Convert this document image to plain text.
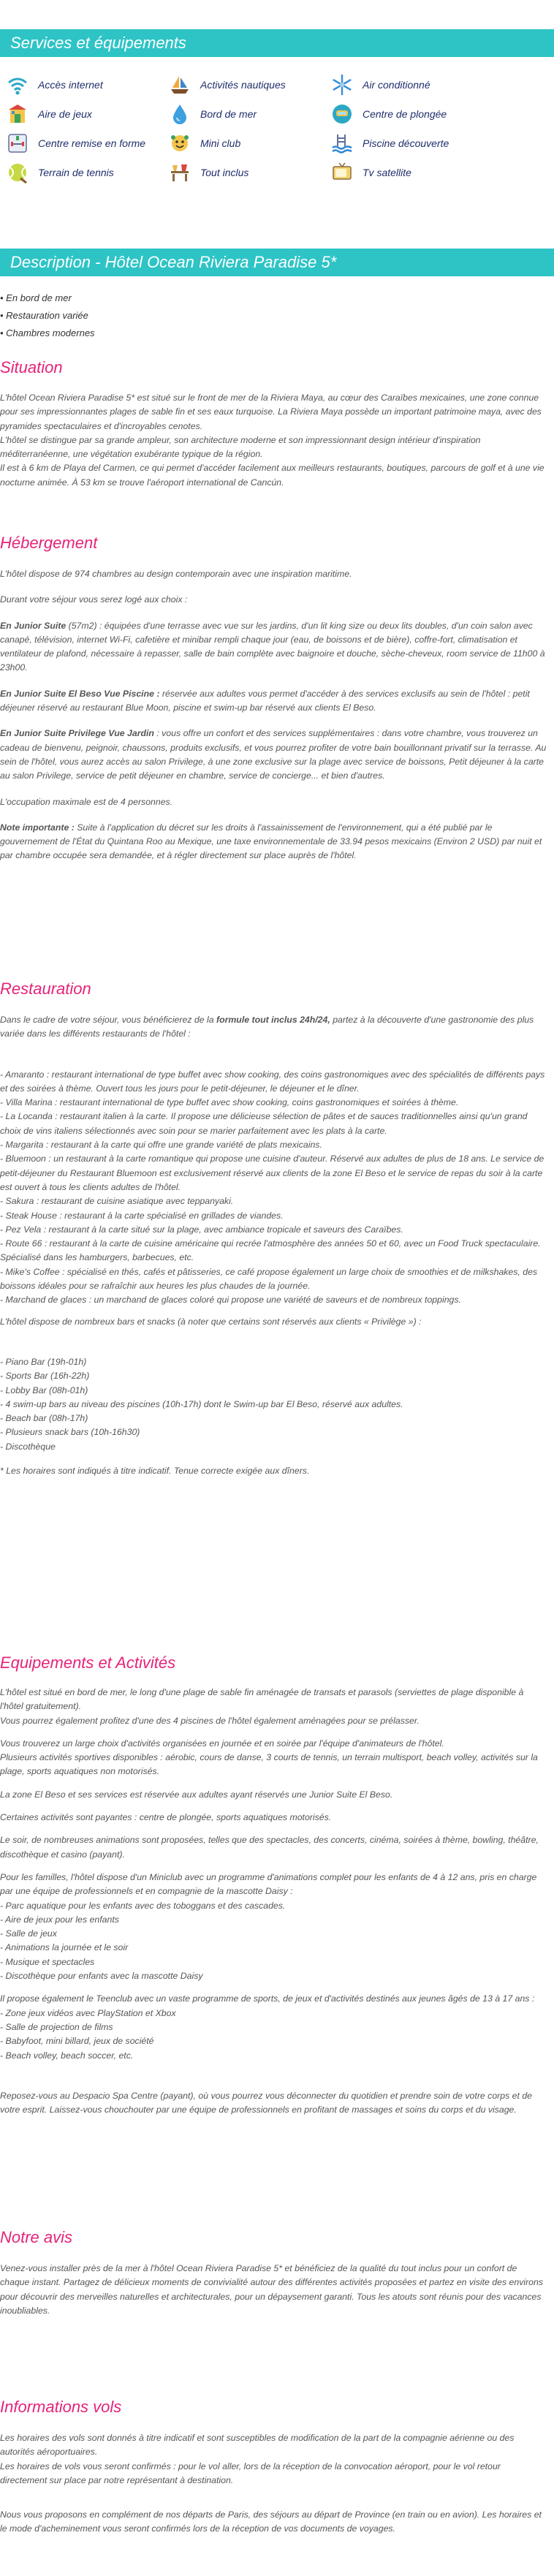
Services et équipements
Accès internet	Activités nautiques	Air conditionné
Aire de jeux	Bord de mer	Centre de plongée
Centre remise en forme	Mini club	Piscine découverte
Terrain de tennis	Tout inclus	Tv satellite
Description - Hôtel Ocean Riviera Paradise 5*
• En bord de mer
• Restauration variée
• Chambres modernes
Situation

L'hôtel Ocean Riviera Paradise 5* est situé sur le front de mer de la Riviera Maya, au cœur des Caraïbes mexicaines, une zone connue pour ses impressionnantes plages de sable fin et ses eaux turquoise. La Riviera Maya possède un important patrimoine maya, avec des pyramides spectaculaires et d'incroyables cenotes.

L'hôtel se distingue par sa grande ampleur, son architecture moderne et son impressionnant design intérieur d'inspiration méditerranéenne, une végétation exubérante typique de la région.

Il est à 6 km de Playa del Carmen, ce qui permet d'accéder facilement aux meilleurs restaurants, boutiques, parcours de golf et à une vie nocturne animée. À 53 km se trouve l'aéroport international de Cancún.

Hébergement

L'hôtel dispose de 974 chambres au design contemporain avec une inspiration maritime.

Durant votre séjour vous serez logé aux choix :

En Junior Suite (57m2) : équipées d'une terrasse avec vue sur les jardins, d'un lit king size ou deux lits doubles, d'un coin salon avec canapé, télévision, internet Wi-Fi, cafetière et minibar rempli chaque jour (eau, de boissons et de bière), coffre-fort, climatisation et ventilateur de plafond, nécessaire à repasser, salle de bain complète avec baignoire et douche, sèche-cheveux, room service de 11h00 à 23h00.

En Junior Suite El Beso Vue Piscine : réservée aux adultes vous permet d'accéder à des services exclusifs au sein de l'hôtel : petit déjeuner réservé au restaurant Blue Moon, piscine et swim-up bar réservé aux clients El Beso.

En Junior Suite Privilege Vue Jardin : vous offre un confort et des services supplémentaires : dans votre chambre, vous trouverez un cadeau de bienvenu, peignoir, chaussons, produits exclusifs, et vous pourrez profiter de votre bain bouillonnant privatif sur la terrasse. Au sein de l'hôtel, vous aurez accès au salon Privilege, à une zone exclusive sur la plage avec service de boissons, Petit déjeuner à la carte au salon Privilege, service de petit déjeuner en chambre, service de concierge... et bien d'autres.

L'occupation maximale est de 4 personnes.

Note importante : Suite à l'application du décret sur les droits à l'assainissement de l'environnement, qui a été publié par le gouvernement de l'État du Quintana Roo au Mexique, une taxe environnementale de 33.94 pesos mexicains (Environ 2 USD) par nuit et par chambre occupée sera demandée, et à régler directement sur place auprès de l'hôtel.

Restauration

Dans le cadre de votre séjour, vous bénéficierez de la formule tout inclus 24h/24, partez à la découverte d'une gastronomie des plus variée dans les différents restaurants de l'hôtel :

- Amaranto : restaurant international de type buffet avec show cooking, des coins gastronomiques avec des spécialités de différents pays et des soirées à thème. Ouvert tous les jours pour le petit-déjeuner, le déjeuner et le dîner.

- Villa Marina : restaurant international de type buffet avec show cooking, coins gastronomiques et soirées à thème.

- La Locanda : restaurant italien à la carte. Il propose une délicieuse sélection de pâtes et de sauces traditionnelles ainsi qu'un grand choix de vins italiens sélectionnés avec soin pour se marier parfaitement avec les plats à la carte.

- Margarita : restaurant à la carte qui offre une grande variété de plats mexicains.

- Bluemoon : un restaurant à la carte romantique qui propose une cuisine d'auteur. Réservé aux adultes de plus de 18 ans. Le service de petit-déjeuner du Restaurant Bluemoon est exclusivement réservé aux clients de la zone El Beso et le service de repas du soir à la carte est ouvert à tous les clients adultes de l'hôtel.

- Sakura : restaurant de cuisine asiatique avec teppanyaki.

- Steak House : restaurant à la carte spécialisé en grillades de viandes.

- Pez Vela : restaurant à la carte situé sur la plage, avec ambiance tropicale et saveurs des Caraïbes.

- Route 66 : restaurant à la carte de cuisine américaine qui recrée l'atmosphère des années 50 et 60, avec un Food Truck spectaculaire. Spécialisé dans les hamburgers, barbecues, etc.

- Mike's Coffee : spécialisé en thés, cafés et pâtisseries, ce café propose également un large choix de smoothies et de milkshakes, des boissons idéales pour se rafraîchir aux heures les plus chaudes de la journée.

- Marchand de glaces : un marchand de glaces coloré qui propose une variété de saveurs et de nombreux toppings.

L'hôtel dispose de nombreux bars et snacks (à noter que certains sont réservés aux clients « Privilège ») :

- Piano Bar (19h-01h)

- Sports Bar (16h-22h)

- Lobby Bar (08h-01h)

- 4 swim-up bars au niveau des piscines (10h-17h) dont le Swim-up bar El Beso, réservé aux adultes.

- Beach bar (08h-17h)

- Plusieurs snack bars (10h-16h30)

- Discothèque

* Les horaires sont indiqués à titre indicatif. Tenue correcte exigée aux dîners.

Equipements et Activités

L'hôtel est situé en bord de mer, le long d'une plage de sable fin aménagée de transats et parasols (serviettes de plage disponible à l'hôtel gratuitement).

Vous pourrez également profitez d'une des 4 piscines de l'hôtel également aménagées pour se prélasser.

Vous trouverez un large choix d'activités organisées en journée et en soirée par l'équipe d'animateurs de l'hôtel.

Plusieurs activités sportives disponibles : aérobic, cours de danse, 3 courts de tennis, un terrain multisport, beach volley, activités sur la plage, sports aquatiques non motorisés.

La zone El Beso et ses services est réservée aux adultes ayant réservés une Junior Suite El Beso.

Certaines activités sont payantes : centre de plongée, sports aquatiques motorisés.

Le soir, de nombreuses animations sont proposées, telles que des spectacles, des concerts, cinéma, soirées à thème, bowling, théâtre, discothèque et casino (payant).

Pour les familles, l'hôtel dispose d'un Miniclub avec un programme d'animations complet pour les enfants de 4 à 12 ans, pris en charge par une équipe de professionnels et en compagnie de la mascotte Daisy :

- Parc aquatique pour les enfants avec des toboggans et des cascades.

- Aire de jeux pour les enfants

- Salle de jeux

- Animations la journée et le soir

- Musique et spectacles

- Discothèque pour enfants avec la mascotte Daisy

Il propose également le Teenclub avec un vaste programme de sports, de jeux et d'activités destinés aux jeunes âgés de 13 à 17 ans :

- Zone jeux vidéos avec PlayStation et Xbox

- Salle de projection de films

- Babyfoot, mini billard, jeux de société

- Beach volley, beach soccer, etc.

Reposez-vous au Despacio Spa Centre (payant), où vous pourrez vous déconnecter du quotidien et prendre soin de votre corps et de votre esprit. Laissez-vous chouchouter par une équipe de professionnels en profitant de massages et soins du corps et du visage.

Notre avis

Venez-vous installer près de la mer à l'hôtel Ocean Riviera Paradise 5* et bénéficiez de la qualité du tout inclus pour un confort de chaque instant. Partagez de délicieux moments de convivialité autour des différentes activités proposées et partez en visite des environs pour découvrir des merveilles naturelles et architecturales, pour un dépaysement garanti. Tous les atouts sont réunis pour des vacances inoubliables.

Informations vols

Les horaires des vols sont donnés à titre indicatif et sont susceptibles de modification de la part de la compagnie aérienne ou des autorités aéroportuaires.

Les horaires de vols vous seront confirmés : pour le vol aller, lors de la réception de la convocation aéroport, pour le vol retour directement sur place par notre représentant à destination.

Nous vous proposons en complément de nos départs de Paris, des séjours au départ de Province (en train ou en avion). Les horaires et le mode d'acheminement vous seront confirmés lors de la réception de vos documents de voyages.
